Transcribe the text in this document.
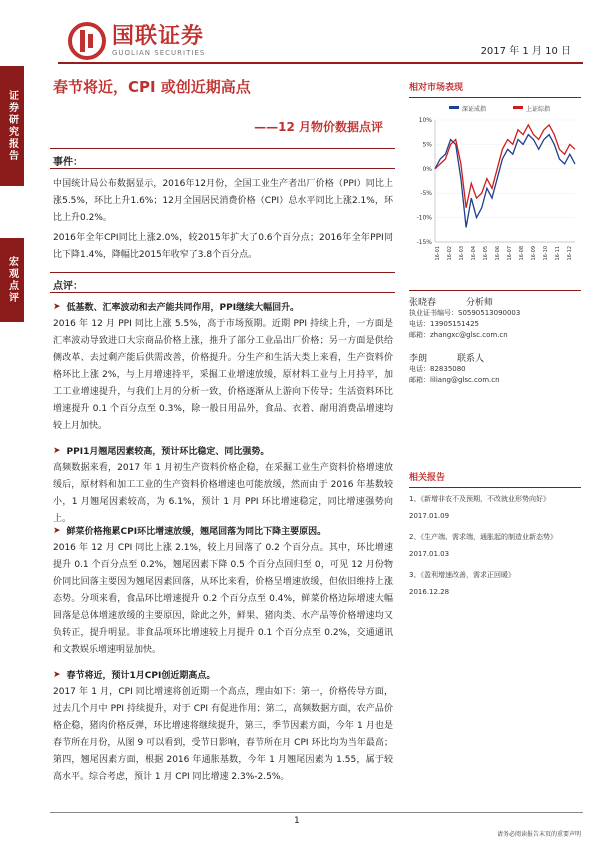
国联证券
GUOLIAN SECURITIES	2017 年 1 月 10 日
证券研究报告
宏观点评
春节将近，CPI 或创近期高点
——12 月物价数据点评
事件：
中国统计局公布数据显示，2016年12月份，全国工业生产者出厂价格（PPI）同比上涨5.5%，环比上升1.6%；12月全国居民消费价格（CPI）总水平同比上涨2.1%，环比上升0.2%。
2016年全年CPI同比上涨2.0%，较2015年扩大了0.6个百分点；2016年全年PPI同比下降1.4%，降幅比2015年收窄了3.8个百分点。
点评：
➤ 低基数、汇率波动和去产能共同作用，PPI继续大幅回升。
2016 年 12 月 PPI 同比上涨 5.5%，高于市场预期。近期 PPI 持续上升，一方面是汇率波动导致进口大宗商品价格上涨，推升了部分工业品出厂价格；另一方面是供给侧改革、去过剩产能后供需改善，价格提升。分生产和生活大类上来看，生产资料价格环比上涨 2%，与上月增速持平，采掘工业增速放缓，原材料工业与上月持平，加工工业增速提升，与我们上月的分析一致，价格逐渐从上游向下传导；生活资料环比增速提升 0.1 个百分点至 0.3%，除一般日用品外，食品、衣着、耐用消费品增速均较上月加快。
➤ PPI1月翘尾因素较高，预计环比稳定、同比强势。
高频数据来看，2017 年 1 月初生产资料价格企稳，在采掘工业生产资料价格增速放缓后，原材料和加工工业的生产资料价格增速也可能放缓，然而由于 2016 年基数较小，1 月翘尾因素较高，为 6.1%，预计 1 月 PPI 环比增速稳定，同比增速强势向上。
➤ 鲜菜价格拖累CPI环比增速放缓，翘尾回落为同比下降主要原因。
2016 年 12 月 CPI 同比上涨 2.1%，较上月回落了 0.2 个百分点。其中，环比增速提升 0.1 个百分点至 0.2%，翘尾因素下降 0.5 个百分点回归至 0，可见 12 月份物价同比回落主要因为翘尾因素回落，从环比来看，价格呈增速放缓，但依旧维持上涨态势。分项来看，食品环比增速提升 0.2 个百分点至 0.4%，鲜菜价格边际增速大幅回落是总体增速放缓的主要原因，除此之外，鲜果、猪肉类、水产品等价格增速均又负转正，提升明显。非食品项环比增速较上月提升 0.1 个百分点至 0.2%，交通通讯和文教娱乐增速明显加快。
➤ 春节将近，预计1月CPI创近期高点。
2017 年 1 月，CPI 同比增速将创近期一个高点，理由如下：第一，价格传导方面，过去几个月中 PPI 持续提升，对于 CPI 有促进作用；第二，高频数据方面，农产品价格企稳，猪肉价格反弹，环比增速将继续提升，第三，季节因素方面，今年 1 月也是春节所在月份，从图 9 可以看到，受节日影响，春节所在月 CPI 环比均为当年最高；第四，翘尾因素方面，根据 2016 年通胀基数，今年 1 月翘尾因素为 1.55，属于较高水平。综合考虑，预计 1 月 CPI 同比增速 2.3%-2.5%。
相对市场表现
深证成指	上证综指
10%
5%
0%
-5%
-10%
-15%
16-01 16-02 16-03 16-04 16-05 16-06 16-07 16-08 16-09 16-10 16-11 16-12
张晓春	分析师
执业证书编号：S0590513090003
电话：13905151425
邮箱：zhangxc@glsc.com.cn
李朗	联系人
电话：82835080
邮箱：liliang@glsc.com.cn
相关报告
1、《新增非农不及预期，不改就业形势向好》
2017.01.09
2、《生产端、需求端，通胀起的制造业新态势》
2017.01.03
3、《盈利增速改善，需求正回暖》
2016.12.28
1
请务必阅读报告末页的重要声明
